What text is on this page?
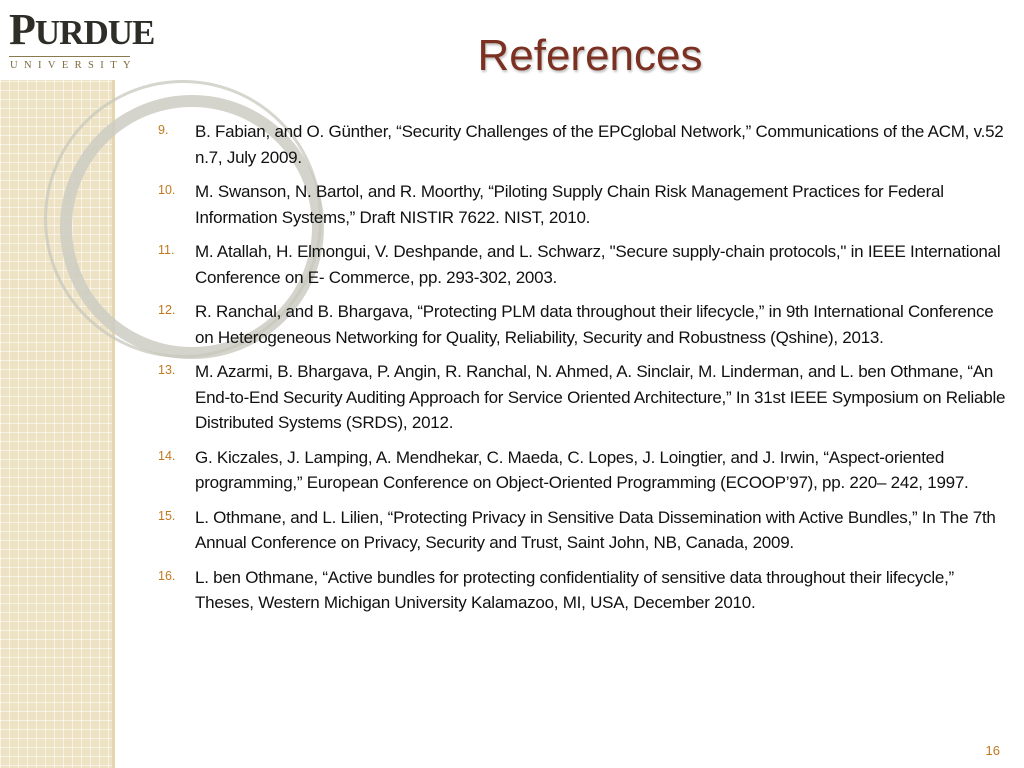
PURDUE
UNIVERSITY	References
9.	B. Fabian, and O. Günther, “Security Challenges of the EPCglobal Network,” Communications of the ACM, v.52 n.7, July 2009.
10.	M. Swanson, N. Bartol, and R. Moorthy, “Piloting Supply Chain Risk Management Practices for Federal Information Systems,” Draft NISTIR 7622. NIST, 2010.
11.	M. Atallah, H. Elmongui, V. Deshpande, and L. Schwarz, "Secure supply-chain protocols," in IEEE International Conference on E- Commerce, pp. 293-302, 2003.
12.	R. Ranchal, and B. Bhargava, “Protecting PLM data throughout their lifecycle,” in 9th International Conference on Heterogeneous Networking for Quality, Reliability, Security and Robustness (Qshine), 2013.
13.	M. Azarmi, B. Bhargava, P. Angin, R. Ranchal, N. Ahmed, A. Sinclair, M. Linderman, and L. ben Othmane, “An End-to-End Security Auditing Approach for Service Oriented Architecture,” In 31st IEEE Symposium on Reliable Distributed Systems (SRDS), 2012.
14.	G. Kiczales, J. Lamping, A. Mendhekar, C. Maeda, C. Lopes, J. Loingtier, and J. Irwin, “Aspect-oriented programming,” European Conference on Object-Oriented Programming (ECOOP’97), pp. 220– 242, 1997.
15.	L. Othmane, and L. Lilien, “Protecting Privacy in Sensitive Data Dissemination with Active Bundles,” In The 7th Annual Conference on Privacy, Security and Trust, Saint John, NB, Canada, 2009.
16.	L. ben Othmane, “Active bundles for protecting confidentiality of sensitive data throughout their lifecycle,” Theses, Western Michigan University Kalamazoo, MI, USA, December 2010.
16
